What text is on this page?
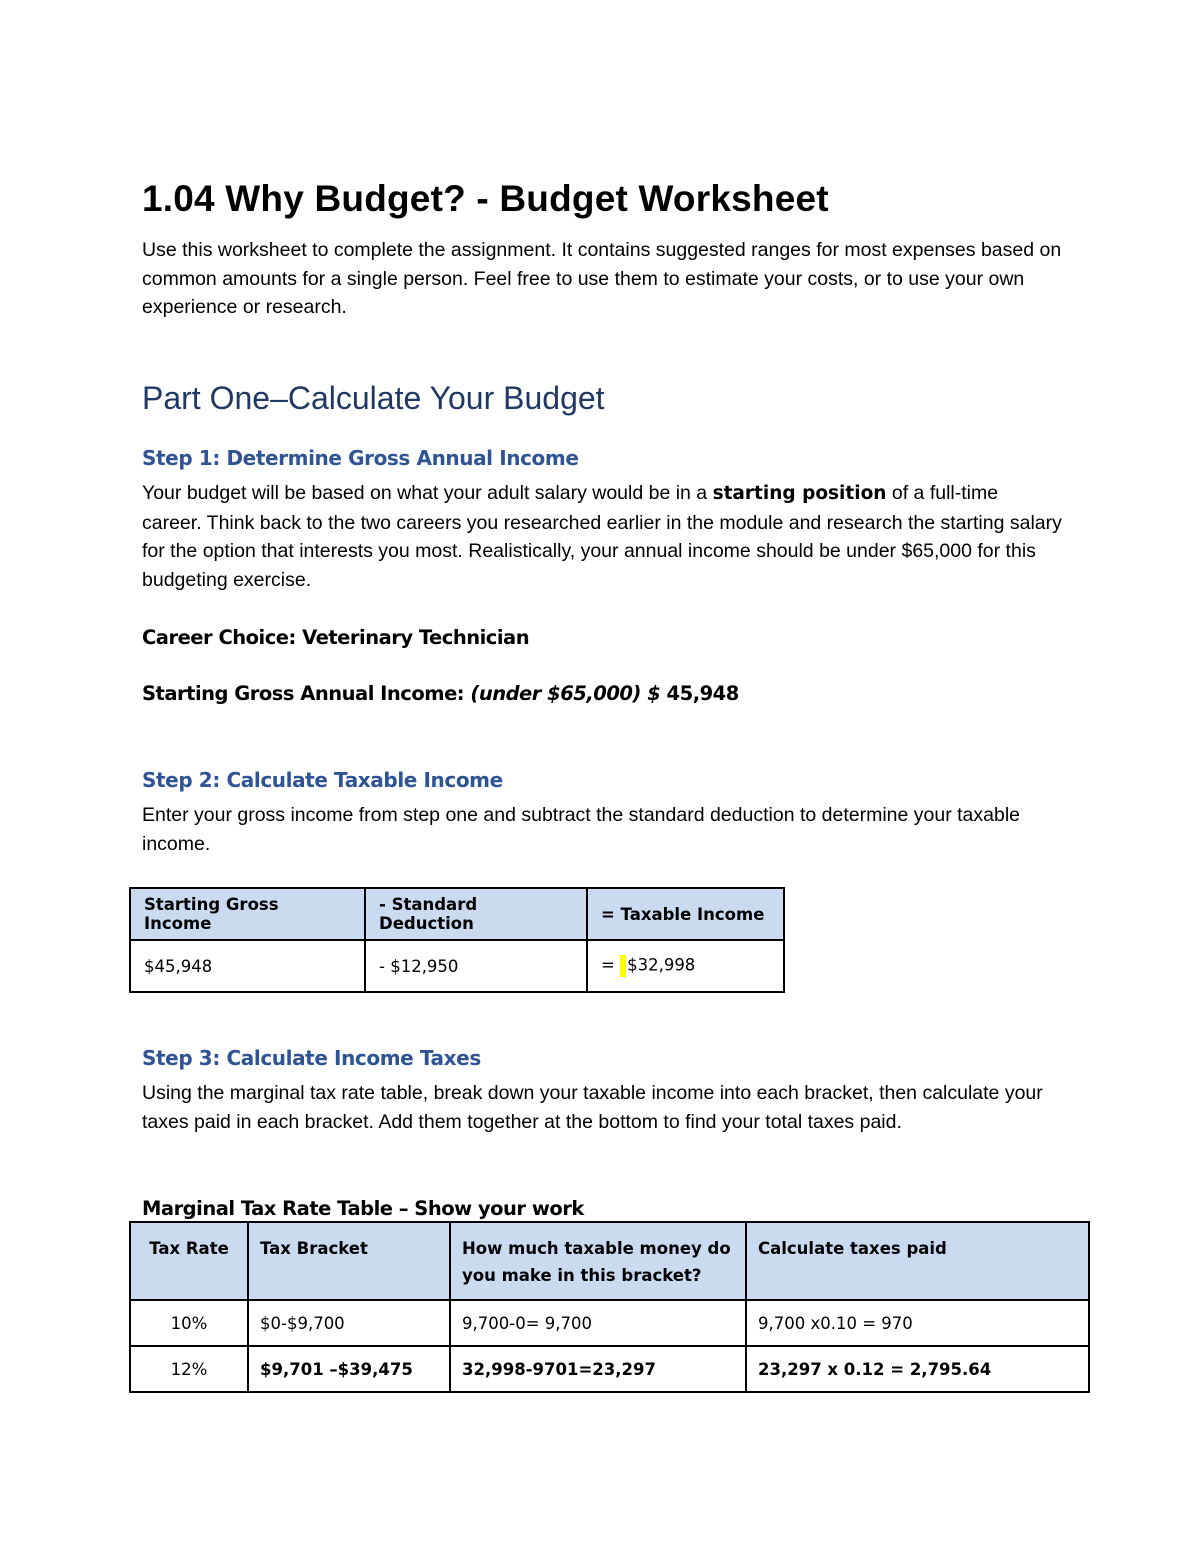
1.04 Why Budget? - Budget Worksheet

Use this worksheet to complete the assignment. It contains suggested ranges for most expenses based on common amounts for a single person. Feel free to use them to estimate your costs, or to use your own experience or research.

Part One–Calculate Your Budget
Step 1: Determine Gross Annual Income

Your budget will be based on what your adult salary would be in a starting position of a full-time career. Think back to the two careers you researched earlier in the module and research the starting salary for the option that interests you most. Realistically, your annual income should be under $65,000 for this budgeting exercise.

Career Choice: Veterinary Technician

Starting Gross Annual Income: (under $65,000) $ 45,948

Step 2: Calculate Taxable Income

Enter your gross income from step one and subtract the standard deduction to determine your taxable income.

Starting Gross Income	- Standard Deduction	= Taxable Income
$45,948	- $12,950	= $32,998
Step 3: Calculate Income Taxes

Using the marginal tax rate table, break down your taxable income into each bracket, then calculate your taxes paid in each bracket. Add them together at the bottom to find your total taxes paid.

Marginal Tax Rate Table – Show your work

Tax Rate	Tax Bracket	How much taxable money do you make in this bracket?	Calculate taxes paid
10%	$0-$9,700	9,700-0= 9,700	9,700 x0.10 = 970
12%	$9,701 –$39,475	32,998-9701=23,297	23,297 x 0.12 = 2,795.64
